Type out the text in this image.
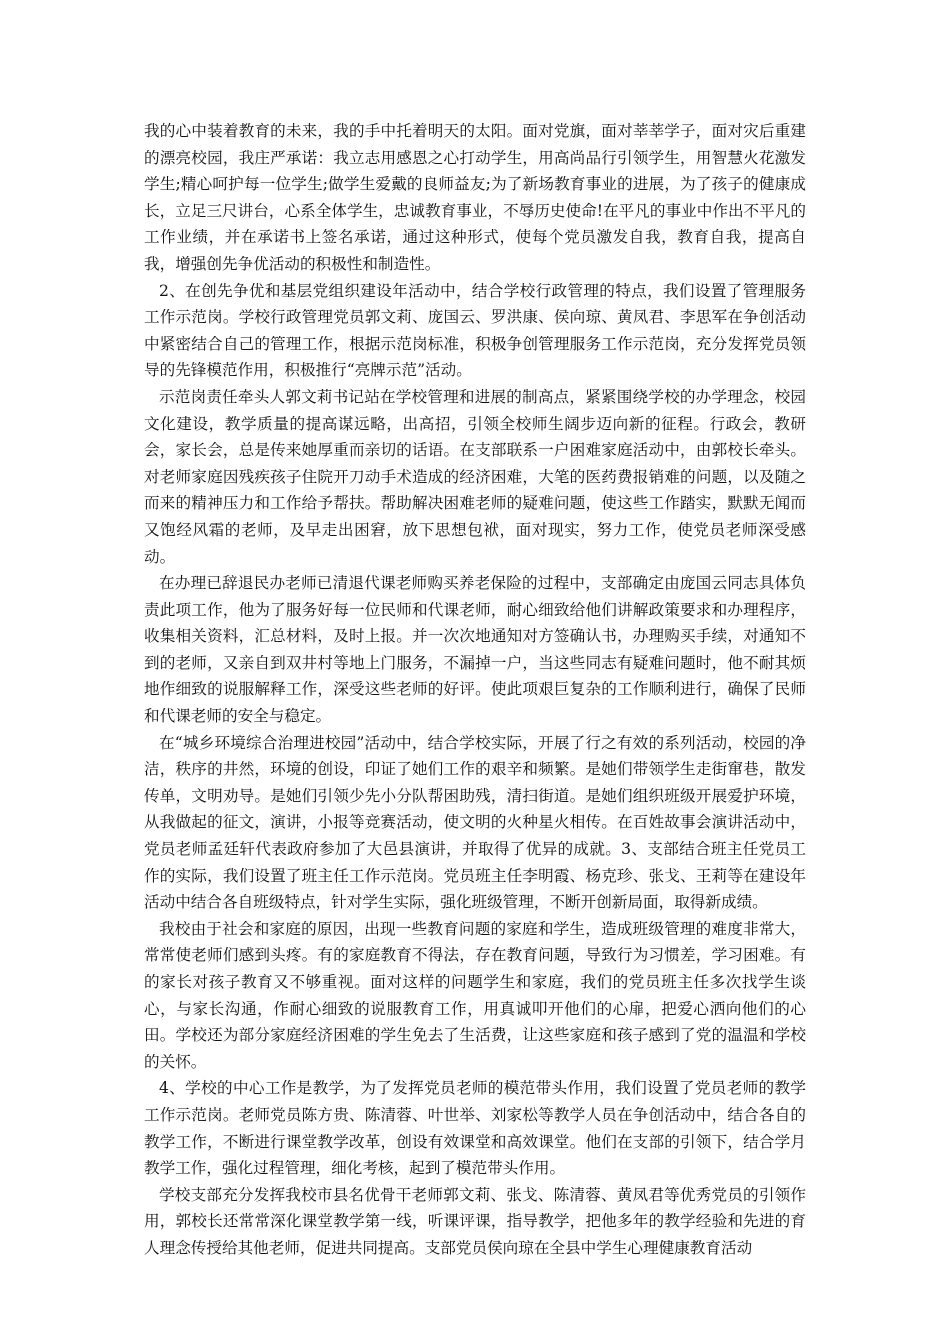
我的心中装着教育的未来，我的手中托着明天的太阳。面对党旗，面对莘莘学子，面对灾后重建的漂亮校园，我庄严承诺：我立志用感恩之心打动学生，用高尚品行引领学生，用智慧火花激发学生;精心呵护每一位学生;做学生爱戴的良师益友;为了新场教育事业的进展，为了孩子的健康成长，立足三尺讲台，心系全体学生，忠诚教育事业，不辱历史使命!在平凡的事业中作出不平凡的工作业绩，并在承诺书上签名承诺，通过这种形式，使每个党员激发自我，教育自我，提高自我，增强创先争优活动的积极性和制造性。

2、在创先争优和基层党组织建设年活动中，结合学校行政管理的特点，我们设置了管理服务工作示范岗。学校行政管理党员郭文莉、庞国云、罗洪康、侯向琼、黄凤君、李思军在争创活动中紧密结合自己的管理工作，根据示范岗标准，积极争创管理服务工作示范岗，充分发挥党员领导的先锋模范作用，积极推行“亮牌示范”活动。

示范岗责任牵头人郭文莉书记站在学校管理和进展的制高点，紧紧围绕学校的办学理念，校园文化建设，教学质量的提高谋远略，出高招，引领全校师生阔步迈向新的征程。行政会，教研会，家长会，总是传来她厚重而亲切的话语。在支部联系一户困难家庭活动中，由郭校长牵头。对老师家庭因残疾孩子住院开刀动手术造成的经济困难，大笔的医药费报销难的问题，以及随之而来的精神压力和工作给予帮扶。帮助解决困难老师的疑难问题，使这些工作踏实，默默无闻而又饱经风霜的老师，及早走出困窘，放下思想包袱，面对现实，努力工作，使党员老师深受感动。

在办理已辞退民办老师已清退代课老师购买养老保险的过程中，支部确定由庞国云同志具体负责此项工作，他为了服务好每一位民师和代课老师，耐心细致给他们讲解政策要求和办理程序，收集相关资料，汇总材料，及时上报。并一次次地通知对方签确认书，办理购买手续，对通知不到的老师，又亲自到双井村等地上门服务，不漏掉一户，当这些同志有疑难问题时，他不耐其烦地作细致的说服解释工作，深受这些老师的好评。使此项艰巨复杂的工作顺利进行，确保了民师和代课老师的安全与稳定。

在“城乡环境综合治理进校园”活动中，结合学校实际，开展了行之有效的系列活动，校园的净洁，秩序的井然，环境的创设，印证了她们工作的艰辛和频繁。是她们带领学生走街窜巷，散发传单，文明劝导。是她们引领少先小分队帮困助残，清扫街道。是她们组织班级开展爱护环境，从我做起的征文，演讲，小报等竞赛活动，使文明的火种星火相传。在百姓故事会演讲活动中，党员老师孟廷轩代表政府参加了大邑县演讲，并取得了优异的成就。3、支部结合班主任党员工作的实际，我们设置了班主任工作示范岗。党员班主任李明霞、杨克珍、张戈、王莉等在建设年活动中结合各自班级特点，针对学生实际，强化班级管理，不断开创新局面，取得新成绩。

我校由于社会和家庭的原因，出现一些教育问题的家庭和学生，造成班级管理的难度非常大，常常使老师们感到头疼。有的家庭教育不得法，存在教育问题，导致行为习惯差，学习困难。有的家长对孩子教育又不够重视。面对这样的问题学生和家庭，我们的党员班主任多次找学生谈心，与家长沟通，作耐心细致的说服教育工作，用真诚叩开他们的心扉，把爱心洒向他们的心田。学校还为部分家庭经济困难的学生免去了生活费，让这些家庭和孩子感到了党的温温和学校的关怀。

4、学校的中心工作是教学，为了发挥党员老师的模范带头作用，我们设置了党员老师的教学工作示范岗。老师党员陈方贵、陈清蓉、叶世举、刘家松等教学人员在争创活动中，结合各自的教学工作，不断进行课堂教学改革，创设有效课堂和高效课堂。他们在支部的引领下，结合学月教学工作，强化过程管理，细化考核，起到了模范带头作用。

学校支部充分发挥我校市县名优骨干老师郭文莉、张戈、陈清蓉、黄凤君等优秀党员的引领作用，郭校长还常常深化课堂教学第一线，听课评课，指导教学，把他多年的教学经验和先进的育人理念传授给其他老师，促进共同提高。支部党员侯向琼在全县中学生心理健康教育活动
